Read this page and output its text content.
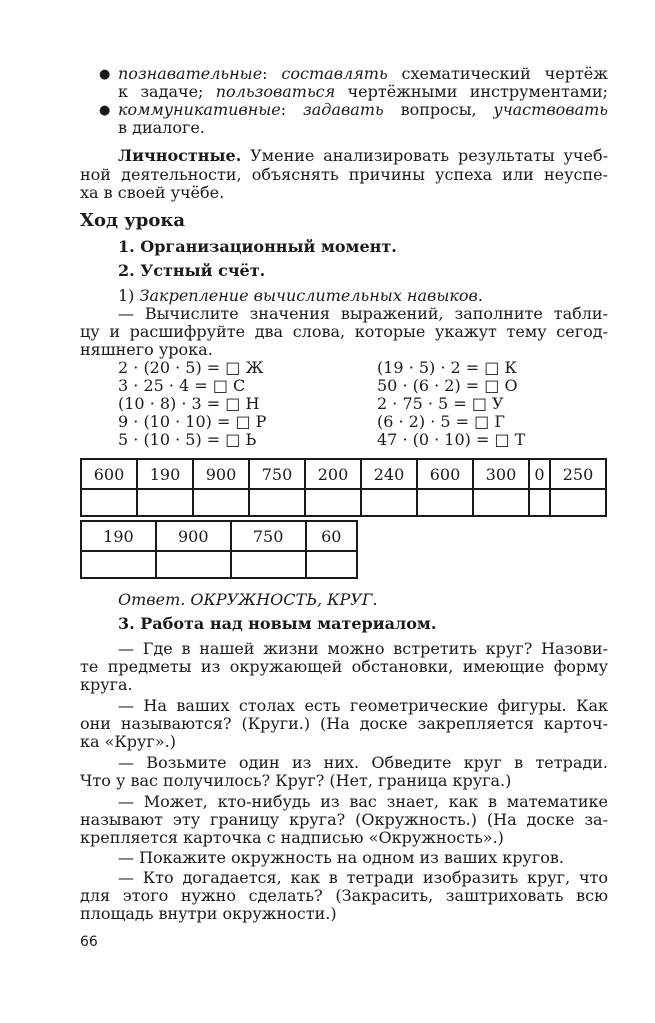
● познавательные: составлять схематический чертёж
к задаче; пользоваться чертёжными инструментами;
● коммуникативные: задавать вопросы, участвовать
в диалоге.
Личностные. Умение анализировать результаты учеб-
ной деятельности, объяснять причины успеха или неуспе-
ха в своей учёбе.
Ход урока
1. Организационный момент.
2. Устный счёт.
1) Закрепление вычислительных навыков.
— Вычислите значения выражений, заполните табли-
цу и расшифруйте два слова, которые укажут тему сегод-
няшнего урока.
2 · (20 · 5) = □ Ж
3 · 25 · 4 = □ С
(10 · 8) · 3 = □ Н
9 · (10 · 10) = □ Р
5 · (10 · 5) = □ Ь
(19 · 5) · 2 = □ К
50 · (6 · 2) = □ О
2 · 75 · 5 = □ У
(6 · 2) · 5 = □ Г
47 · (0 · 10) = □ Т
600	190	900	750	200	240	600	300	0	250

190	900	750	60

Ответ. ОКРУЖНОСТЬ, КРУГ.
3. Работа над новым материалом.
— Где в нашей жизни можно встретить круг? Назови-
те предметы из окружающей обстановки, имеющие форму
круга.
— На ваших столах есть геометрические фигуры. Как
они называются? (Круги.) (На доске закрепляется карточ-
ка «Круг».)
— Возьмите один из них. Обведите круг в тетради.
Что у вас получилось? Круг? (Нет, граница круга.)
— Может, кто-нибудь из вас знает, как в математике
называют эту границу круга? (Окружность.) (На доске за-
крепляется карточка с надписью «Окружность».)
— Покажите окружность на одном из ваших кругов.
— Кто догадается, как в тетради изобразить круг, что
для этого нужно сделать? (Закрасить, заштриховать всю
площадь внутри окружности.)
66
